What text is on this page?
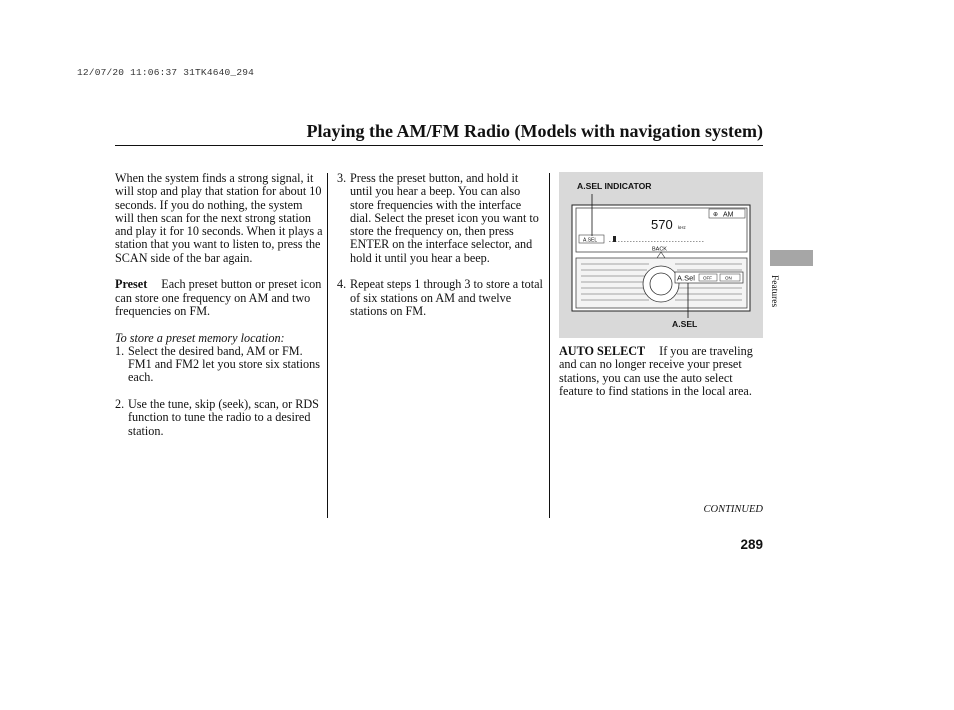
12/07/20 11:06:37 31TK4640_294
Playing the AM/FM Radio (Models with navigation system)

When the system finds a strong signal, it will stop and play that station for about 10 seconds. If you do nothing, the system will then scan for the next strong station and play it for 10 seconds. When it plays a station that you want to listen to, press the SCAN side of the bar again.

Preset Each preset button or preset icon can store one frequency on AM and two frequencies on FM.

To store a preset memory location:

1. Select the desired band, AM or FM. FM1 and FM2 let you store six stations each.
2. Use the tune, skip (seek), scan, or RDS function to tune the radio to a desired station.
3. Press the preset button, and hold it until you hear a beep. You can also store frequencies with the interface dial. Select the preset icon you want to store the frequency on, then press ENTER on the interface selector, and hold it until you hear a beep.
4. Repeat steps 1 through 3 to store a total of six stations on AM and twelve stations on FM.
A.SEL INDICATOR
⊕ AM
570 kHz
A.SEL
BACK
A.Sel OFF	ON
A.SEL

AUTO SELECT If you are traveling and can no longer receive your preset stations, you can use the auto select feature to find stations in the local area.

Features
CONTINUED
289
